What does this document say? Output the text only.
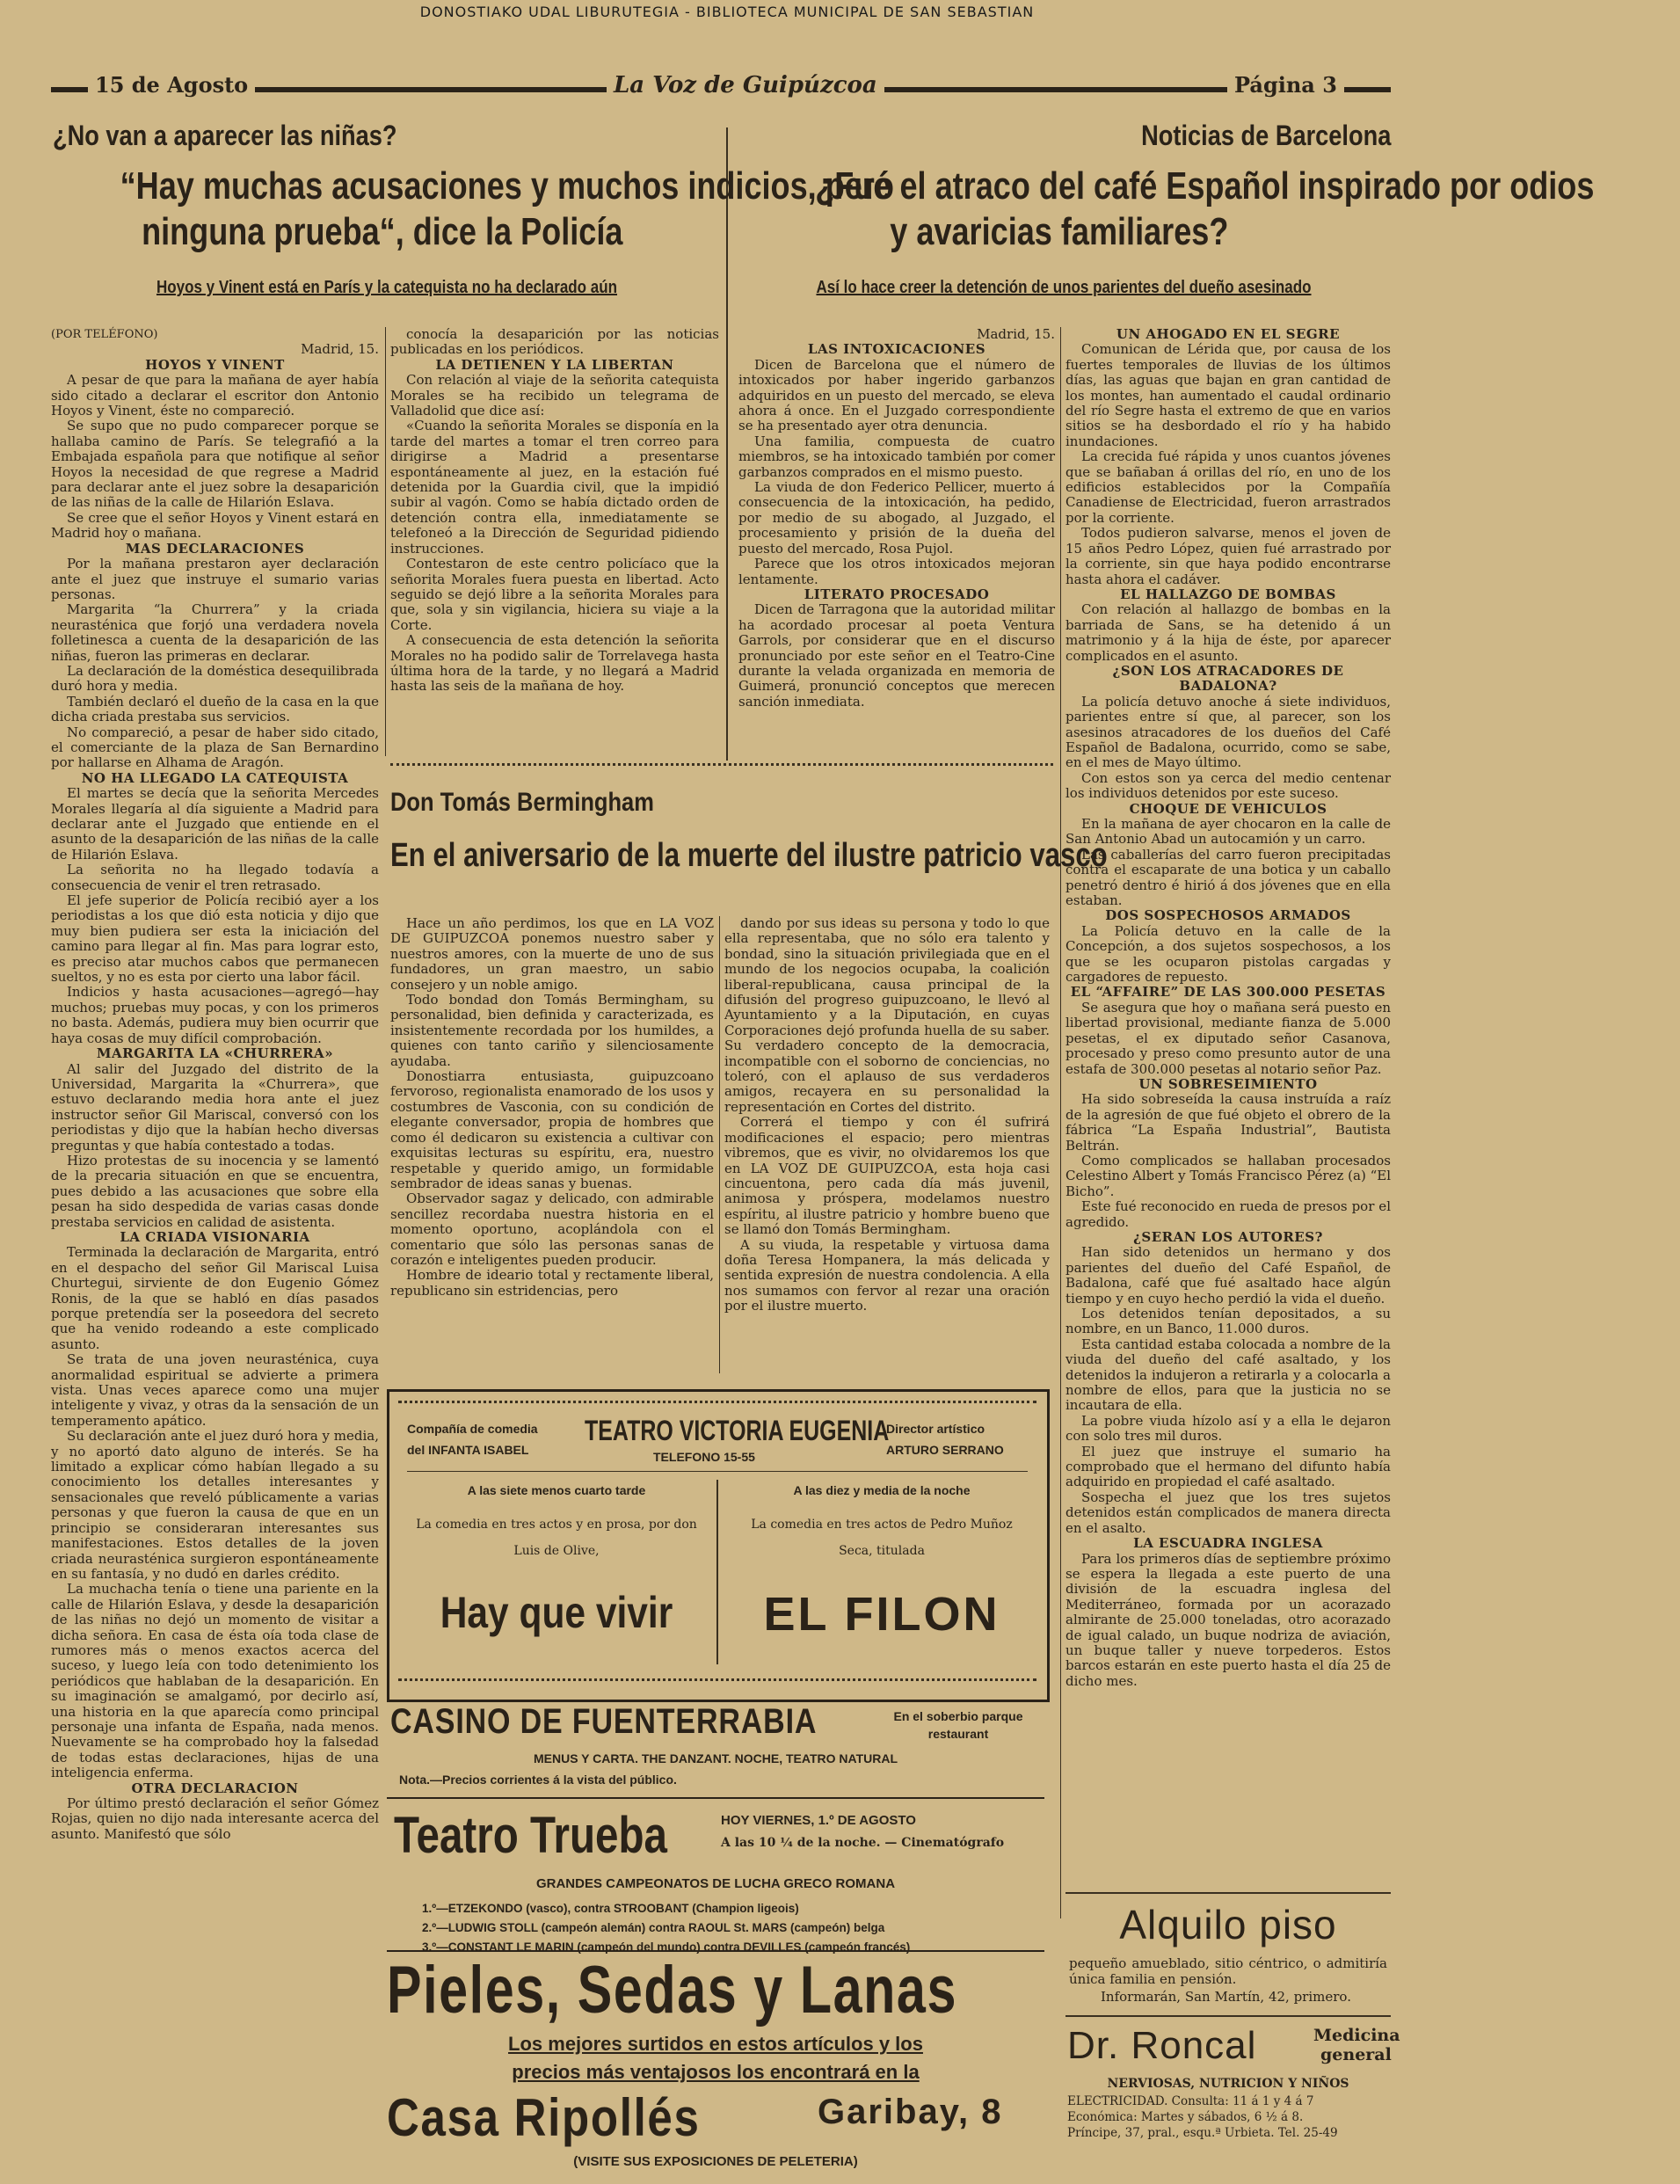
DONOSTIAKO UDAL LIBURUTEGIA - BIBLIOTECA MUNICIPAL DE SAN SEBASTIAN
15 de Agosto	La Voz de Guipúzcoa	Página 3
¿No van a aparecer las niñas?
“Hay muchas acusaciones y muchos indicios, pero
ninguna prueba“, dice la Policía
Hoyos y Vinent está en París y la catequista no ha declarado aún

(POR TELÉFONO)

Madrid, 15.

HOYOS Y VINENT

A pesar de que para la mañana de ayer había sido citado a declarar el escritor don Antonio Hoyos y Vinent, éste no compareció.

Se supo que no pudo comparecer porque se hallaba camino de París. Se telegrafió a la Embajada española para que notifique al señor Hoyos la necesidad de que regrese a Madrid para declarar ante el juez sobre la desaparición de las niñas de la calle de Hilarión Eslava.

Se cree que el señor Hoyos y Vinent estará en Madrid hoy o mañana.

MAS DECLARACIONES

Por la mañana prestaron ayer declaración ante el juez que instruye el sumario varias personas.

Margarita “la Churrera” y la criada neurasténica que forjó una verdadera novela folletinesca a cuenta de la desaparición de las niñas, fueron las primeras en declarar.

La declaración de la doméstica desequilibrada duró hora y media.

También declaró el dueño de la casa en la que dicha criada prestaba sus servicios.

No compareció, a pesar de haber sido citado, el comerciante de la plaza de San Bernardino por hallarse en Alhama de Aragón.

NO HA LLEGADO LA CATEQUISTA

El martes se decía que la señorita Mercedes Morales llegaría al día siguiente a Madrid para declarar ante el Juzgado que entiende en el asunto de la desaparición de las niñas de la calle de Hilarión Eslava.

La señorita no ha llegado todavía a consecuencia de venir el tren retrasado.

El jefe superior de Policía recibió ayer a los periodistas a los que dió esta noticia y dijo que muy bien pudiera ser esta la iniciación del camino para llegar al fin. Mas para lograr esto, es preciso atar muchos cabos que permanecen sueltos, y no es esta por cierto una labor fácil.

Indicios y hasta acusaciones—agregó—hay muchos; pruebas muy pocas, y con los primeros no basta. Además, pudiera muy bien ocurrir que haya cosas de muy difícil comprobación.

MARGARITA LA «CHURRERA»

Al salir del Juzgado del distrito de la Universidad, Margarita la «Churrera», que estuvo declarando media hora ante el juez instructor señor Gil Mariscal, conversó con los periodistas y dijo que la habían hecho diversas preguntas y que había contestado a todas.

Hizo protestas de su inocencia y se lamentó de la precaria situación en que se encuentra, pues debido a las acusaciones que sobre ella pesan ha sido despedida de varias casas donde prestaba servicios en calidad de asistenta.

LA CRIADA VISIONARIA

Terminada la declaración de Margarita, entró en el despacho del señor Gil Mariscal Luisa Churtegui, sirviente de don Eugenio Gómez Ronis, de la que se habló en días pasados porque pretendía ser la poseedora del secreto que ha venido rodeando a este complicado asunto.

Se trata de una joven neurasténica, cuya anormalidad espiritual se advierte a primera vista. Unas veces aparece como una mujer inteligente y vivaz, y otras da la sensación de un temperamento apático.

Su declaración ante el juez duró hora y media, y no aportó dato alguno de interés. Se ha limitado a explicar cómo habían llegado a su conocimiento los detalles interesantes y sensacionales que reveló públicamente a varias personas y que fueron la causa de que en un principio se consideraran interesantes sus manifestaciones. Estos detalles de la joven criada neurasténica surgieron espontáneamente en su fantasía, y no dudó en darles crédito.

La muchacha tenía o tiene una pariente en la calle de Hilarión Eslava, y desde la desaparición de las niñas no dejó un momento de visitar a dicha señora. En casa de ésta oía toda clase de rumores más o menos exactos acerca del suceso, y luego leía con todo detenimiento los periódicos que hablaban de la desaparición. En su imaginación se amalgamó, por decirlo así, una historia en la que aparecía como principal personaje una infanta de España, nada menos. Nuevamente se ha comprobado hoy la falsedad de todas estas declaraciones, hijas de una inteligencia enferma.

OTRA DECLARACION

Por último prestó declaración el señor Gómez Rojas, quien no dijo nada interesante acerca del asunto. Manifestó que sólo

conocía la desaparición por las noticias publicadas en los periódicos.

LA DETIENEN Y LA LIBERTAN

Con relación al viaje de la señorita catequista Morales se ha recibido un telegrama de Valladolid que dice así:

«Cuando la señorita Morales se disponía en la tarde del martes a tomar el tren correo para dirigirse a Madrid a presentarse espontáneamente al juez, en la estación fué detenida por la Guardia civil, que la impidió subir al vagón. Como se había dictado orden de detención contra ella, inmediatamente se telefoneó a la Dirección de Seguridad pidiendo instrucciones.

Contestaron de este centro policíaco que la señorita Morales fuera puesta en libertad. Acto seguido se dejó libre a la señorita Morales para que, sola y sin vigilancia, hiciera su viaje a la Corte.

A consecuencia de esta detención la señorita Morales no ha podido salir de Torrelavega hasta última hora de la tarde, y no llegará a Madrid hasta las seis de la mañana de hoy.

Noticias de Barcelona
¿Fué el atraco del café Español inspirado por odios
y avaricias familiares?
Así lo hace creer la detención de unos parientes del dueño asesinado

Madrid, 15.

LAS INTOXICACIONES

Dicen de Barcelona que el número de intoxicados por haber ingerido garbanzos adquiridos en un puesto del mercado, se eleva ahora á once. En el Juzgado correspondiente se ha presentado ayer otra denuncia.

Una familia, compuesta de cuatro miembros, se ha intoxicado también por comer garbanzos comprados en el mismo puesto.

La viuda de don Federico Pellicer, muerto á consecuencia de la intoxicación, ha pedido, por medio de su abogado, al Juzgado, el procesamiento y prisión de la dueña del puesto del mercado, Rosa Pujol.

Parece que los otros intoxicados mejoran lentamente.

LITERATO PROCESADO

Dicen de Tarragona que la autoridad militar ha acordado procesar al poeta Ventura Garrols, por considerar que en el discurso pronunciado por este señor en el Teatro-Cine durante la velada organizada en memoria de Guimerá, pronunció conceptos que merecen sanción inmediata.

UN AHOGADO EN EL SEGRE

Comunican de Lérida que, por causa de los fuertes temporales de lluvias de los últimos días, las aguas que bajan en gran cantidad de los montes, han aumentado el caudal ordinario del río Segre hasta el extremo de que en varios sitios se ha desbordado el río y ha habido inundaciones.

La crecida fué rápida y unos cuantos jóvenes que se bañaban á orillas del río, en uno de los edificios establecidos por la Compañía Canadiense de Electricidad, fueron arrastrados por la corriente.

Todos pudieron salvarse, menos el joven de 15 años Pedro López, quien fué arrastrado por la corriente, sin que haya podido encontrarse hasta ahora el cadáver.

EL HALLAZGO DE BOMBAS

Con relación al hallazgo de bombas en la barriada de Sans, se ha detenido á un matrimonio y á la hija de éste, por aparecer complicados en el asunto.

¿SON LOS ATRACADORES DE BADALONA?

La policía detuvo anoche á siete individuos, parientes entre sí que, al parecer, son los asesinos atracadores de los dueños del Café Español de Badalona, ocurrido, como se sabe, en el mes de Mayo último.

Con estos son ya cerca del medio centenar los individuos detenidos por este suceso.

CHOQUE DE VEHICULOS

En la mañana de ayer chocaron en la calle de San Antonio Abad un autocamión y un carro.

Las caballerías del carro fueron precipitadas contra el escaparate de una botica y un caballo penetró dentro é hirió á dos jóvenes que en ella estaban.

DOS SOSPECHOSOS ARMADOS

La Policía detuvo en la calle de la Concepción, a dos sujetos sospechosos, a los que se les ocuparon pistolas cargadas y cargadores de repuesto.

EL “AFFAIRE” DE LAS 300.000 PESETAS

Se asegura que hoy o mañana será puesto en libertad provisional, mediante fianza de 5.000 pesetas, el ex diputado señor Casanova, procesado y preso como presunto autor de una estafa de 300.000 pesetas al notario señor Paz.

UN SOBRESEIMIENTO

Ha sido sobreseída la causa instruída a raíz de la agresión de que fué objeto el obrero de la fábrica “La España Industrial”, Bautista Beltrán.

Como complicados se hallaban procesados Celestino Albert y Tomás Francisco Pérez (a) “El Bicho”.

Este fué reconocido en rueda de presos por el agredido.

¿SERAN LOS AUTORES?

Han sido detenidos un hermano y dos parientes del dueño del Café Español, de Badalona, café que fué asaltado hace algún tiempo y en cuyo hecho perdió la vida el dueño.

Los detenidos tenían depositados, a su nombre, en un Banco, 11.000 duros.

Esta cantidad estaba colocada a nombre de la viuda del dueño del café asaltado, y los detenidos la indujeron a retirarla y a colocarla a nombre de ellos, para que la justicia no se incautara de ella.

La pobre viuda hízolo así y a ella le dejaron con solo tres mil duros.

El juez que instruye el sumario ha comprobado que el hermano del difunto había adquirido en propiedad el café asaltado.

Sospecha el juez que los tres sujetos detenidos están complicados de manera directa en el asalto.

LA ESCUADRA INGLESA

Para los primeros días de septiembre próximo se espera la llegada a este puerto de una división de la escuadra inglesa del Mediterráneo, formada por un acorazado almirante de 25.000 toneladas, otro acorazado de igual calado, un buque nodriza de aviación, un buque taller y nueve torpederos. Estos barcos estarán en este puerto hasta el día 25 de dicho mes.

Don Tomás Bermingham
En el aniversario de la muerte del ilustre patricio vasco

Hace un año perdimos, los que en LA VOZ DE GUIPUZCOA ponemos nuestro saber y nuestros amores, con la muerte de uno de sus fundadores, un gran maestro, un sabio consejero y un noble amigo.

Todo bondad don Tomás Bermingham, su personalidad, bien definida y caracterizada, es insistentemente recordada por los humildes, a quienes con tanto cariño y silenciosamente ayudaba.

Donostiarra entusiasta, guipuzcoano fervoroso, regionalista enamorado de los usos y costumbres de Vasconia, con su condición de elegante conversador, propia de hombres que como él dedicaron su existencia a cultivar con exquisitas lecturas su espíritu, era, nuestro respetable y querido amigo, un formidable sembrador de ideas sanas y buenas.

Observador sagaz y delicado, con admirable sencillez recordaba nuestra historia en el momento oportuno, acoplándola con el comentario que sólo las personas sanas de corazón e inteligentes pueden producir.

Hombre de ideario total y rectamente liberal, republicano sin estridencias, pero

dando por sus ideas su persona y todo lo que ella representaba, que no sólo era talento y bondad, sino la situación privilegiada que en el mundo de los negocios ocupaba, la coalición liberal-republicana, causa principal de la difusión del progreso guipuzcoano, le llevó al Ayuntamiento y a la Diputación, en cuyas Corporaciones dejó profunda huella de su saber. Su verdadero concepto de la democracia, incompatible con el soborno de conciencias, no toleró, con el aplauso de sus verdaderos amigos, recayera en su personalidad la representación en Cortes del distrito.

Correrá el tiempo y con él sufrirá modificaciones el espacio; pero mientras vibremos, que es vivir, no olvidaremos los que en LA VOZ DE GUIPUZCOA, esta hoja casi cincuentona, pero cada día más juvenil, animosa y próspera, modelamos nuestro espíritu, al ilustre patricio y hombre bueno que se llamó don Tomás Bermingham.

A su viuda, la respetable y virtuosa dama doña Teresa Hompanera, la más delicada y sentida expresión de nuestra condolencia. A ella nos sumamos con fervor al rezar una oración por el ilustre muerto.

Compañía de comedia
del INFANTA ISABEL
TEATRO VICTORIA EUGENIA
TELEFONO 15-55
Director artístico
ARTURO SERRANO
A las siete menos cuarto tarde
La comedia en tres actos y en prosa, por don Luis de Olive,
Hay que vivir
A las diez y media de la noche
La comedia en tres actos de Pedro Muñoz Seca, titulada
EL FILON
CASINO DE FUENTERRABIA	En el soberbio parque restaurant
MENUS Y CARTA. THE DANZANT. NOCHE, TEATRO NATURAL
Nota.—Precios corrientes á la vista del público.
Teatro Trueba	HOY VIERNES, 1.º DE AGOSTO
A las 10 ¼ de la noche. — Cinematógrafo
GRANDES CAMPEONATOS DE LUCHA GRECO ROMANA
1.º—ETZEKONDO (vasco), contra STROOBANT (Champion ligeois)
2.º—LUDWIG STOLL (campeón alemán) contra RAOUL St. MARS (campeón) belga
3.º—CONSTANT LE MARIN (campeón del mundo) contra DEVILLES (campeón francés)
Pieles, Sedas y Lanas
Los mejores surtidos en estos artículos y los
precios más ventajosos los encontrará en la
Casa Ripollés	Garibay, 8
(VISITE SUS EXPOSICIONES DE PELETERIA)
Alquilo piso
pequeño amueblado, sitio céntrico, o admitiría única familia en pensión.
Informarán, San Martín, 42, primero.
Dr. Roncal	Medicina
general
NERVIOSAS, NUTRICION Y NIÑOS
ELECTRICIDAD. Consulta: 11 á 1 y 4 á 7
Económica: Martes y sábados, 6 ½ á 8.
Príncipe, 37, pral., esqu.ª Urbieta. Tel. 25-49
